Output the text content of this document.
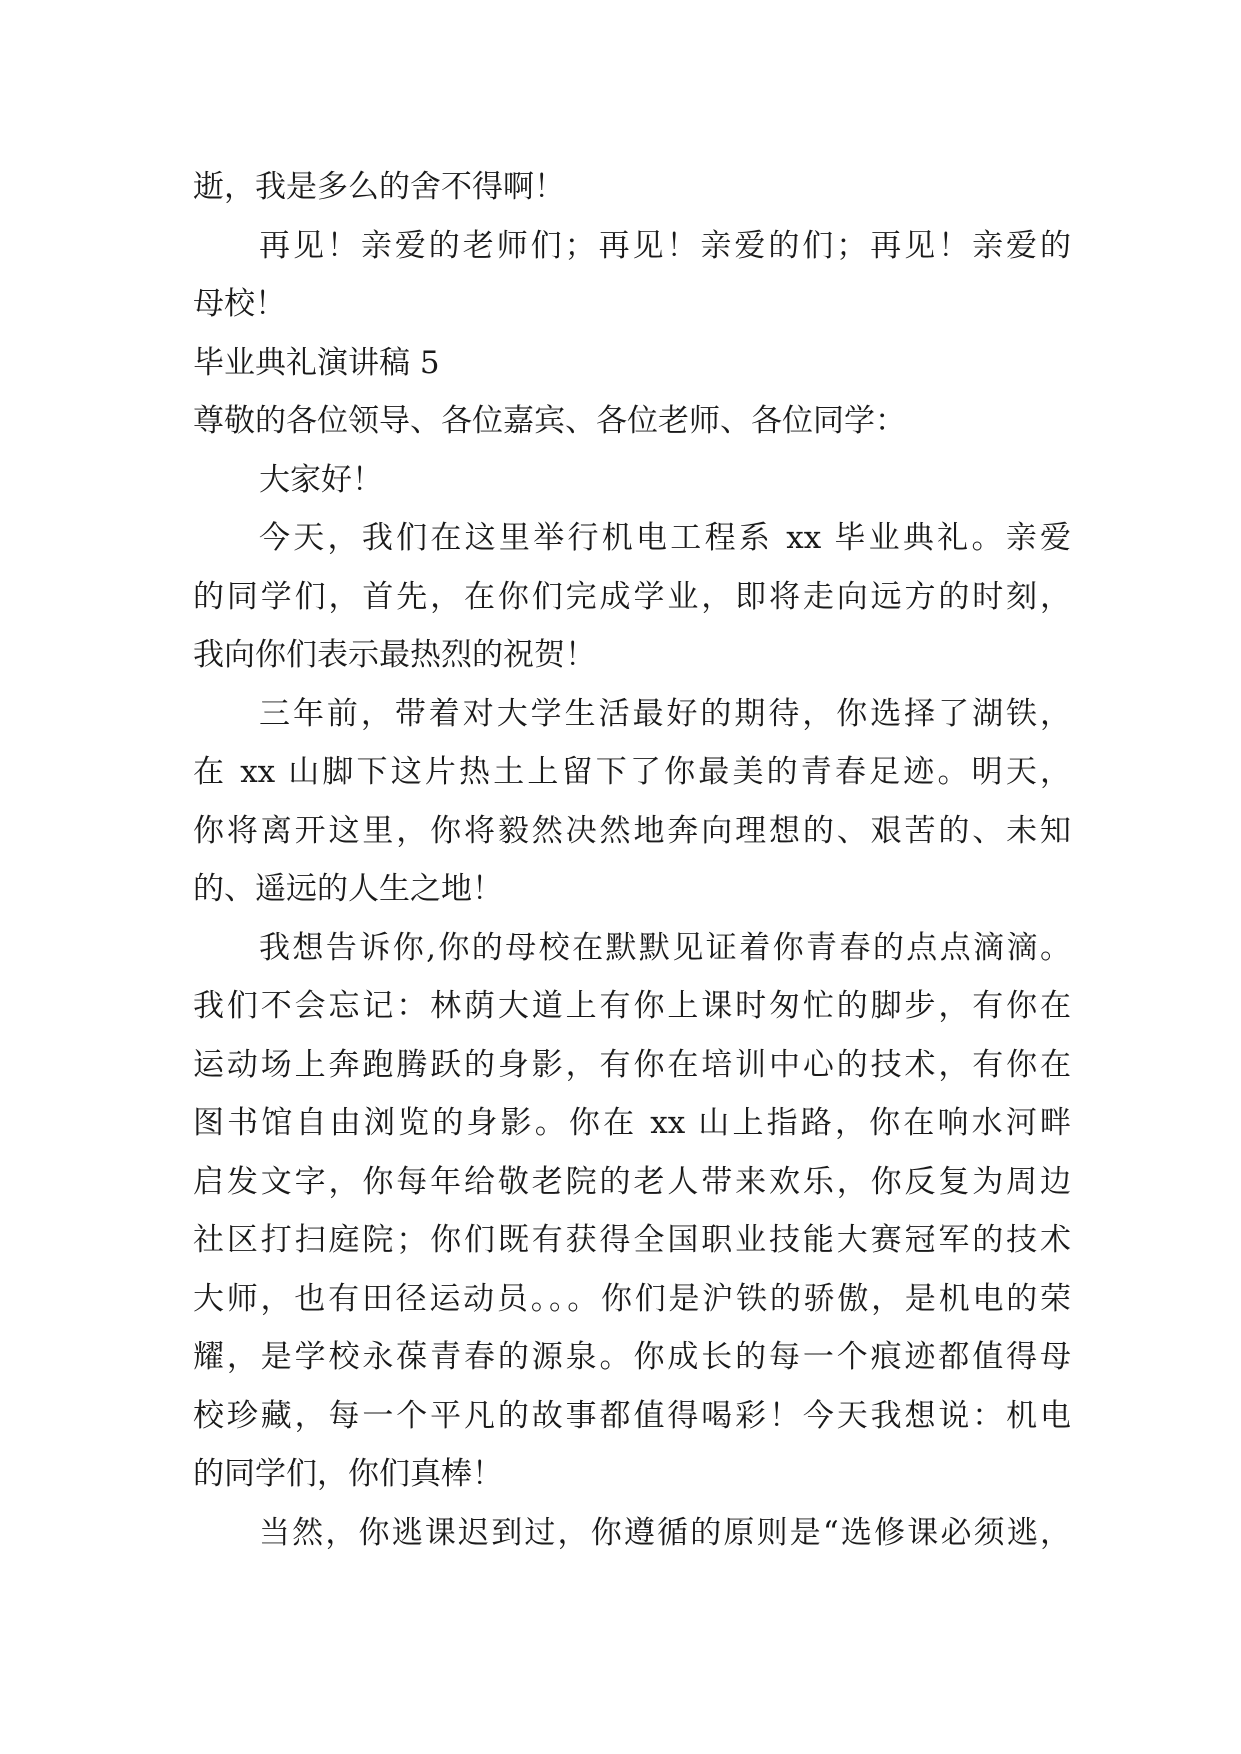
逝，我是多么的舍不得啊！
再见！亲爱的老师们；再见！亲爱的们；再见！亲爱的
母校！
毕业典礼演讲稿 5
尊敬的各位领导、各位嘉宾、各位老师、各位同学：
大家好！
今天，我们在这里举行机电工程系 xx 毕业典礼。亲爱
的同学们，首先，在你们完成学业，即将走向远方的时刻，
我向你们表示最热烈的祝贺！
三年前，带着对大学生活最好的期待，你选择了湖铁，
在 xx 山脚下这片热土上留下了你最美的青春足迹。明天，
你将离开这里，你将毅然决然地奔向理想的、艰苦的、未知
的、遥远的人生之地！
我想告诉你,你的母校在默默见证着你青春的点点滴滴。
我们不会忘记：林荫大道上有你上课时匆忙的脚步，有你在
运动场上奔跑腾跃的身影，有你在培训中心的技术，有你在
图书馆自由浏览的身影。你在 xx 山上指路，你在响水河畔
启发文字，你每年给敬老院的老人带来欢乐，你反复为周边
社区打扫庭院；你们既有获得全国职业技能大赛冠军的技术
大师，也有田径运动员。。。你们是沪铁的骄傲，是机电的荣
耀，是学校永葆青春的源泉。你成长的每一个痕迹都值得母
校珍藏，每一个平凡的故事都值得喝彩！今天我想说：机电
的同学们，你们真棒！
当然，你逃课迟到过，你遵循的原则是“选修课必须逃，
